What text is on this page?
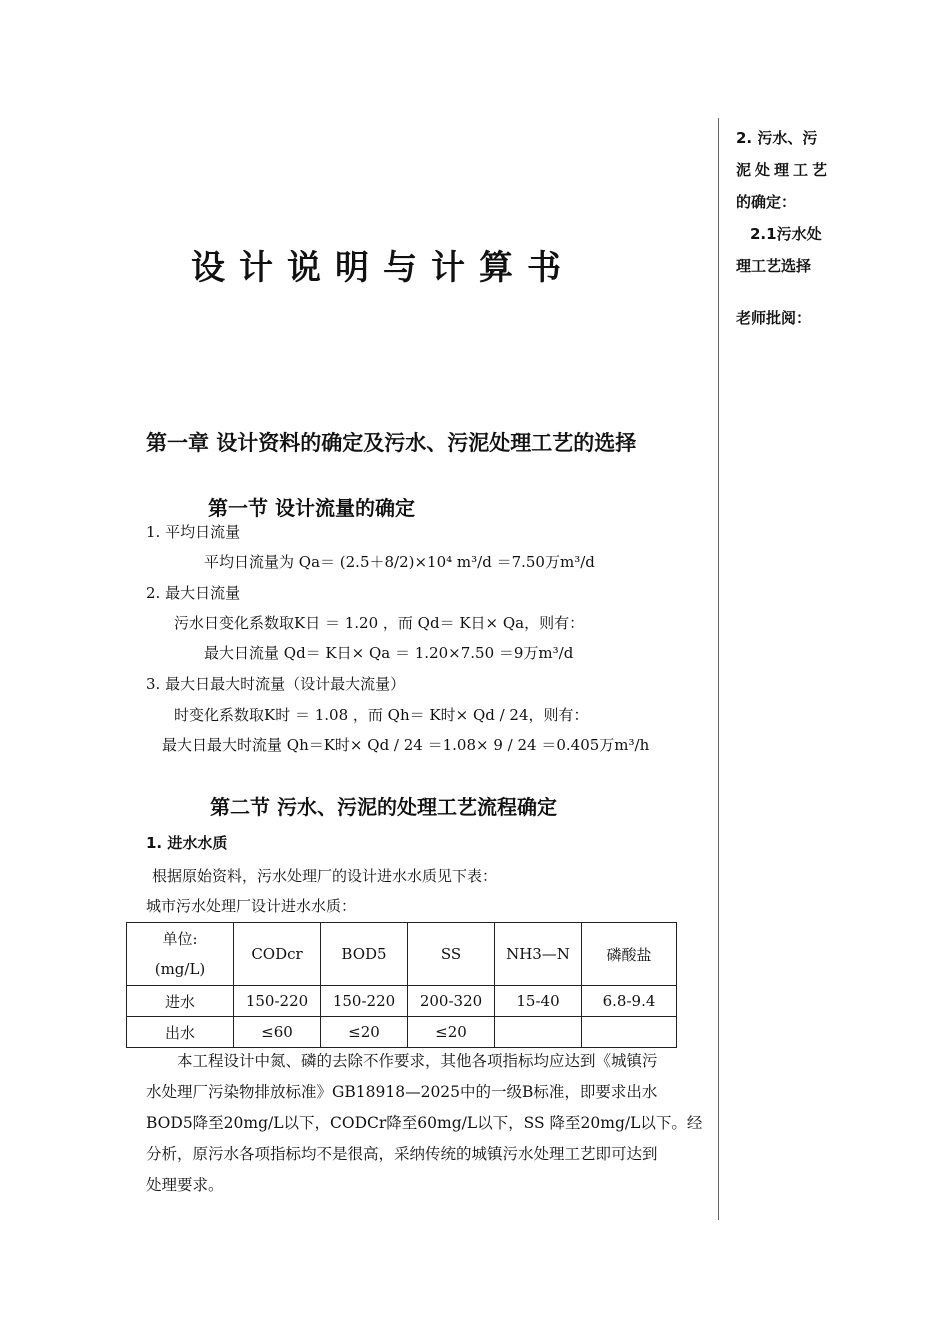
2. 污水、污

泥处理工艺

的确定：

2.1污水处

理工艺选择

老师批阅：

设计说明与计算书
第一章 设计资料的确定及污水、污泥处理工艺的选择
第一节 设计流量的确定
1. 平均日流量
平均日流量为 Qa＝ (2.5＋8/2)×10⁴ m³/d ＝7.50万m³/d
2. 最大日流量
污水日变化系数取K日 ＝ 1.20 ，而 Qd＝ K日× Qa，则有：
最大日流量 Qd＝ K日× Qa ＝ 1.20×7.50 ＝9万m³/d
3. 最大日最大时流量（设计最大流量）
时变化系数取K时 ＝ 1.08 ，而 Qh＝ K时× Qd / 24，则有：
最大日最大时流量 Qh＝K时× Qd / 24 ＝1.08× 9 / 24 ＝0.405万m³/h
第二节 污水、污泥的处理工艺流程确定
1. 进水水质
根据原始资料，污水处理厂的设计进水水质见下表：
城市污水处理厂设计进水水质：
单位:
(mg/L)	CODcr	BOD5	SS	NH3—N	磷酸盐
进水	150-220	150-220	200-320	15-40	6.8-9.4
出水	≤60	≤20	≤20		

本工程设计中氮、磷的去除不作要求，其他各项指标均应达到《城镇污

水处理厂污染物排放标准》GB18918—2025中的一级B标准，即要求出水

BOD5降至20mg/L以下，CODCr降至60mg/L以下，SS 降至20mg/L以下。经

分析，原污水各项指标均不是很高，采纳传统的城镇污水处理工艺即可达到

处理要求。
